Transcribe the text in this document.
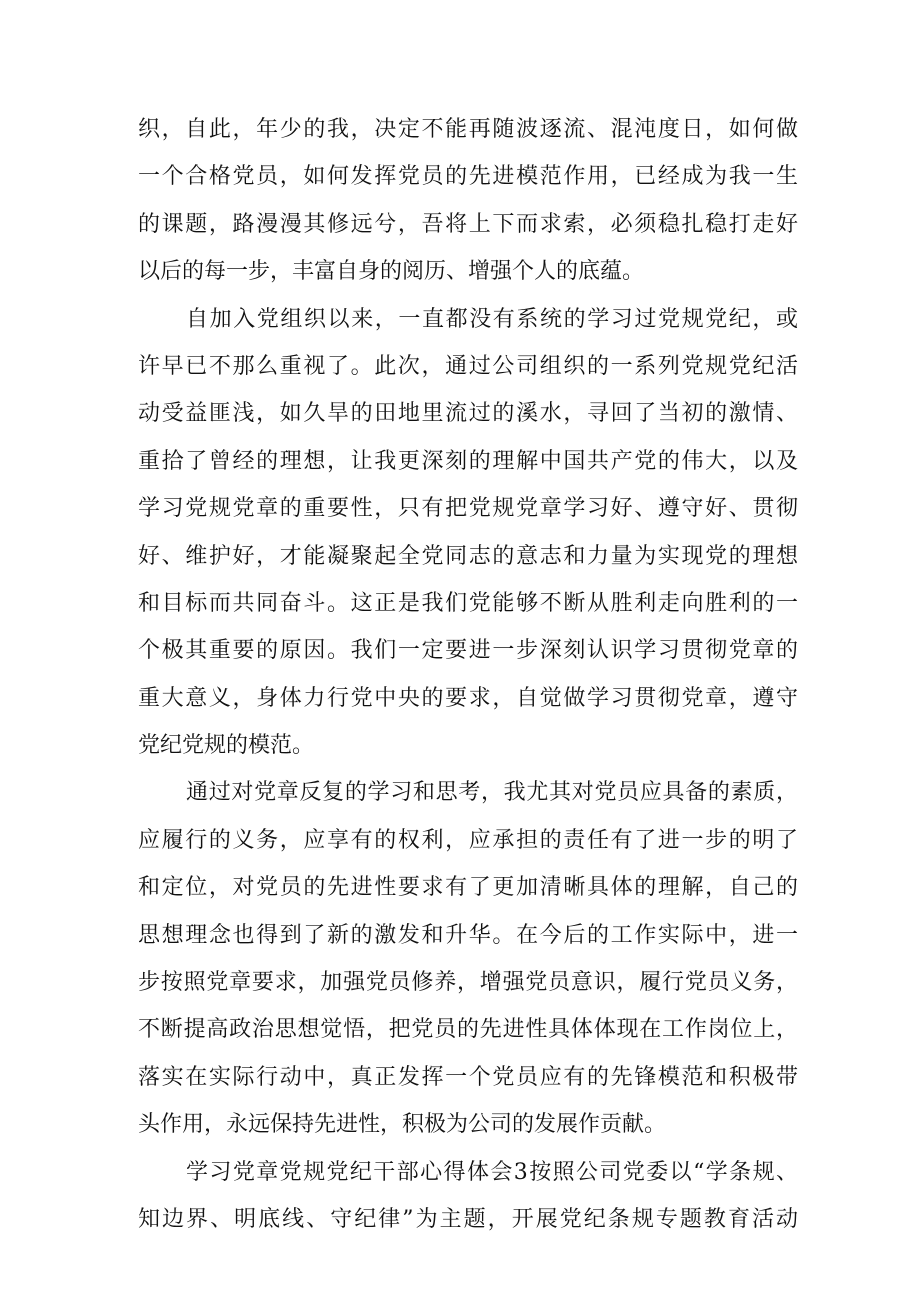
织，自此，年少的我，决定不能再随波逐流、混沌度日，如何做
一个合格党员，如何发挥党员的先进模范作用，已经成为我一生
的课题，路漫漫其修远兮，吾将上下而求索，必须稳扎稳打走好
以后的每一步，丰富自身的阅历、增强个人的底蕴。
自加入党组织以来，一直都没有系统的学习过党规党纪，或
许早已不那么重视了。此次，通过公司组织的一系列党规党纪活
动受益匪浅，如久旱的田地里流过的溪水，寻回了当初的激情、
重拾了曾经的理想，让我更深刻的理解中国共产党的伟大，以及
学习党规党章的重要性，只有把党规党章学习好、遵守好、贯彻
好、维护好，才能凝聚起全党同志的意志和力量为实现党的理想
和目标而共同奋斗。这正是我们党能够不断从胜利走向胜利的一
个极其重要的原因。我们一定要进一步深刻认识学习贯彻党章的
重大意义，身体力行党中央的要求，自觉做学习贯彻党章，遵守
党纪党规的模范。
通过对党章反复的学习和思考，我尤其对党员应具备的素质，
应履行的义务，应享有的权利，应承担的责任有了进一步的明了
和定位，对党员的先进性要求有了更加清晰具体的理解，自己的
思想理念也得到了新的激发和升华。在今后的工作实际中，进一
步按照党章要求，加强党员修养，增强党员意识，履行党员义务，
不断提高政治思想觉悟，把党员的先进性具体体现在工作岗位上，
落实在实际行动中，真正发挥一个党员应有的先锋模范和积极带
头作用，永远保持先进性，积极为公司的发展作贡献。
学习党章党规党纪干部心得体会3按照公司党委以“学条规、
知边界、明底线、守纪律”为主题，开展党纪条规专题教育活动
